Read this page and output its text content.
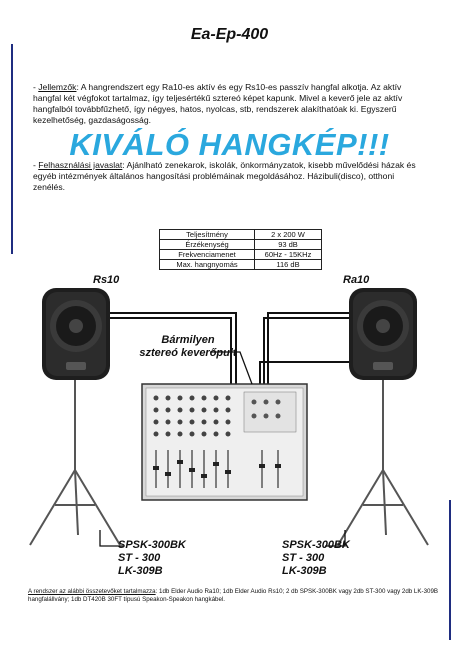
Ea-Ep-400
- Jellemzők: A hangrendszert egy Ra10-es aktív és egy Rs10-es passzív hangfal alkotja. Az aktív hangfal két végfokot tartalmaz, így teljesértékű sztereó képet kapunk. Mivel a keverő jele az aktív hangfalból továbbfűzhető, így négyes, hatos, nyolcas, stb, rendszerek alakíthatóak ki. Egyszerű kezelhetőség, gazdaságosság.
KIVÁLÓ HANGKÉP!!!
- Felhasználási javaslat: Ajánlható zenekarok, iskolák, önkormányzatok, kisebb művelődési házak és egyéb intézmények általános hangosítási problémáinak megoldásához. Házibuli(disco), otthoni zenélés.
Teljesítmény	2 x 200 W
Érzékenység	93 dB
Frekvenciamenet	60Hz - 15KHz
Max. hangnyomás	116 dB
Rs10	Ra10
Bármilyen
sztereó keverőpult
SPSK-300BK
ST - 300
LK-309B
SPSK-300BK
ST - 300
LK-309B
A rendszer az alábbi összetevőket tartalmazza: 1db Elder Audio Ra10; 1db Elder Audio Rs10; 2 db SPSK-300BK vagy 2db ST-300 vagy 2db LK-309B hangfalállvány; 1db DT420B 30FT típusú Speakon-Speakon hangkábel.
